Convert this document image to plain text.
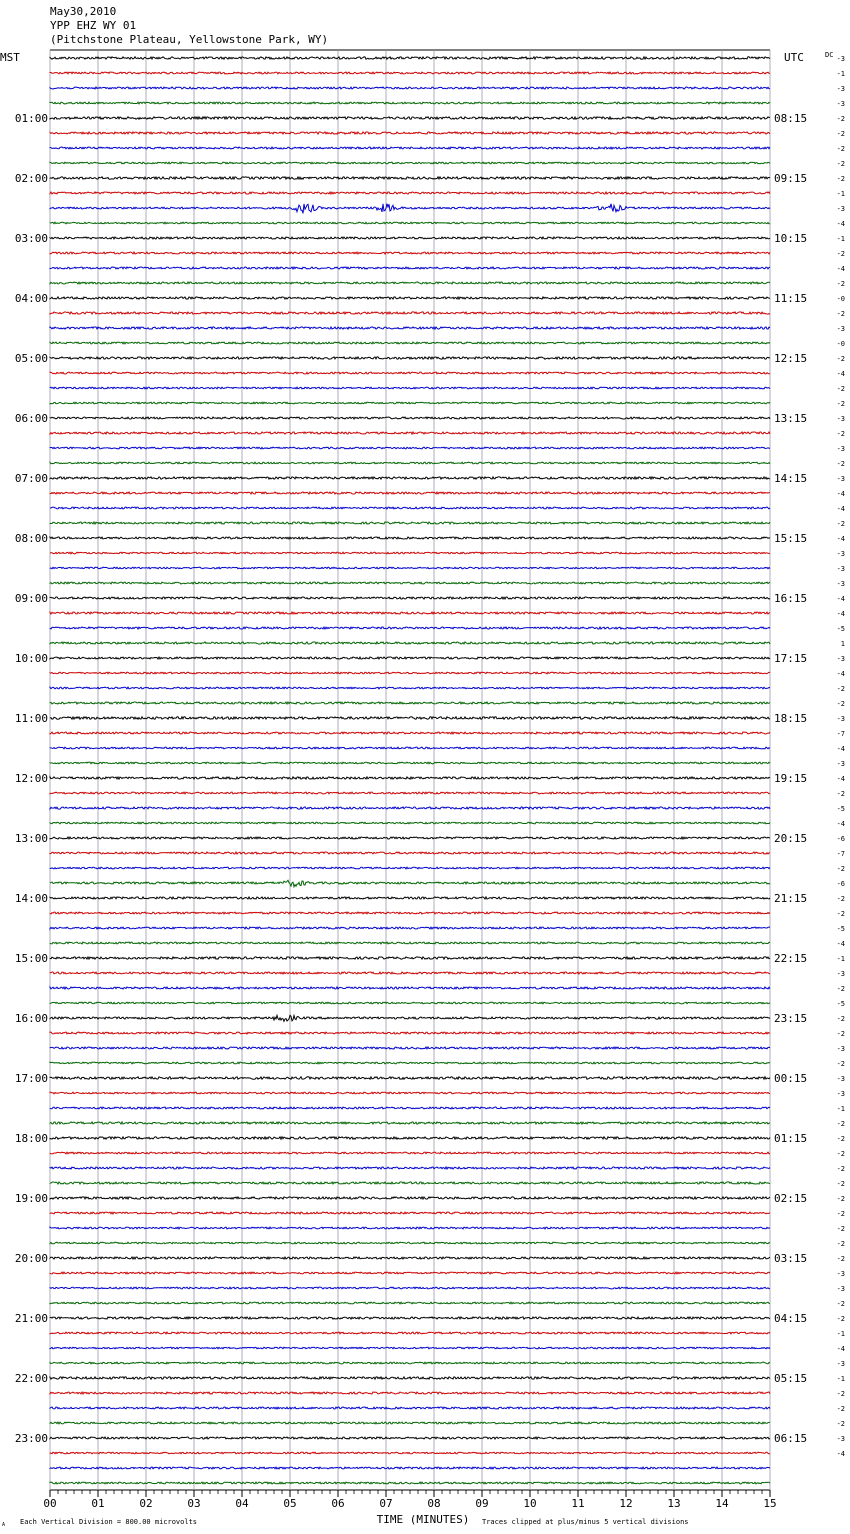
May30,2010
YPP EHZ WY 01
(Pitchstone Plateau, Yellowstone Park, WY)
00	01	02	03	04	05	06	07	08	09	10	11	12	13	14	15
MST	UTC	DC
01:00
02:00
03:00
04:00
05:00
06:00
07:00
08:00
09:00
10:00
11:00
12:00
13:00
14:00
15:00
16:00
17:00
18:00
19:00
20:00
21:00
22:00
23:00
08:15
09:15
10:15
11:15
12:15
13:15
14:15
15:15
16:15
17:15
18:15
19:15
20:15
21:15
22:15
23:15
00:15
01:15
02:15
03:15
04:15
05:15
06:15
-3
-1
-3
-3
-2
-2
-2
-2
-2
-1
-3
-4
-1
-2
-4
-2
-0
-2
-3
-0
-2
-4
-2
-2
-3
-2
-3
-2
-3
-4
-4
-2
-4
-3
-3
-3
-4
-4
-5
1
-3
-4
-2
-2
-3
-7
-4
-3
-4
-2
-5
-4
-6
-7
-2
-6
-2
-2
-5
-4
-1
-3
-2
-5
-2
-2
-3
-2
-3
-3
-1
-2
-2
-2
-2
-2
-2
-2
-2
-2
-2
-3
-3
-2
-2
-1
-4
-3
-1
-2
-2
-2
-3
-4
TIME (MINUTES)
Each Vertical Division = 800.00 microvolts	Traces clipped at plus/minus 5 vertical divisions
A
